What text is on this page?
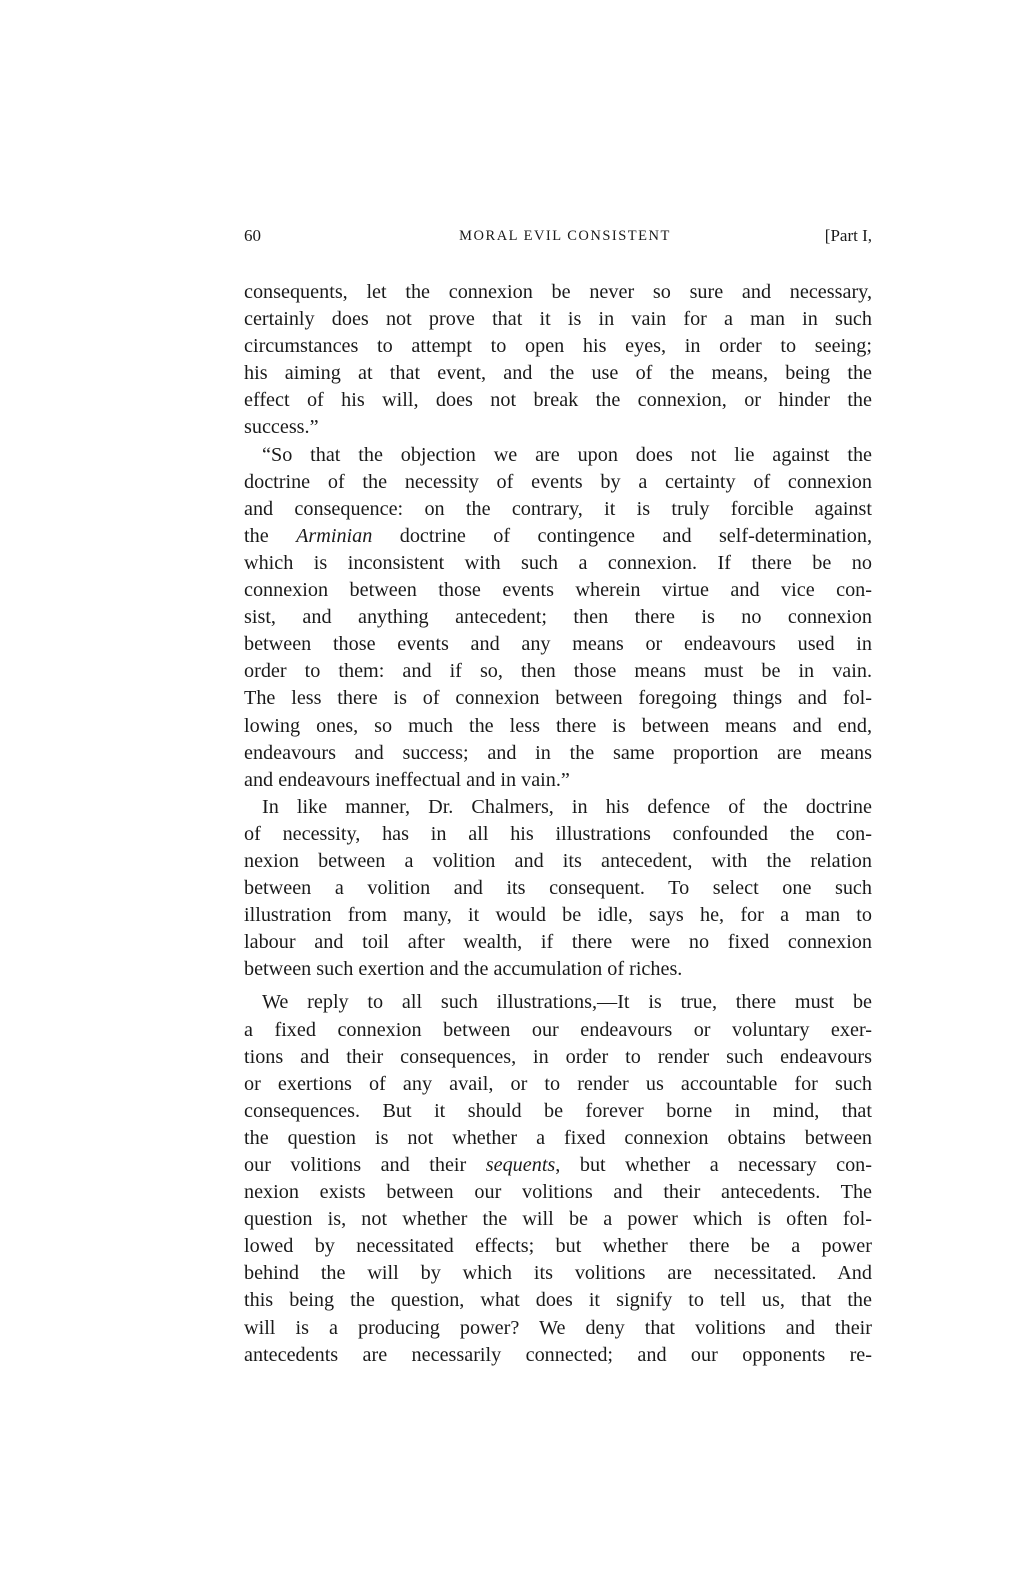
60	MORAL EVIL CONSISTENT	[Part I,
consequents, let the connexion be never so sure and necessary,
certainly does not prove that it is in vain for a man in such
circumstances to attempt to open his eyes, in order to seeing;
his aiming at that event, and the use of the means, being the
effect of his will, does not break the connexion, or hinder the
success.”
“So that the objection we are upon does not lie against the
doctrine of the necessity of events by a certainty of connexion
and consequence: on the contrary, it is truly forcible against
the Arminian doctrine of contingence and self-determination,
which is inconsistent with such a connexion. If there be no
connexion between those events wherein virtue and vice con-
sist, and anything antecedent; then there is no connexion
between those events and any means or endeavours used in
order to them: and if so, then those means must be in vain.
The less there is of connexion between foregoing things and fol-
lowing ones, so much the less there is between means and end,
endeavours and success; and in the same proportion are means
and endeavours ineffectual and in vain.”
In like manner, Dr. Chalmers, in his defence of the doctrine
of necessity, has in all his illustrations confounded the con-
nexion between a volition and its antecedent, with the relation
between a volition and its consequent. To select one such
illustration from many, it would be idle, says he, for a man to
labour and toil after wealth, if there were no fixed connexion
between such exertion and the accumulation of riches.
We reply to all such illustrations,—It is true, there must be
a fixed connexion between our endeavours or voluntary exer-
tions and their consequences, in order to render such endeavours
or exertions of any avail, or to render us accountable for such
consequences. But it should be forever borne in mind, that
the question is not whether a fixed connexion obtains between
our volitions and their sequents, but whether a necessary con-
nexion exists between our volitions and their antecedents. The
question is, not whether the will be a power which is often fol-
lowed by necessitated effects; but whether there be a power
behind the will by which its volitions are necessitated. And
this being the question, what does it signify to tell us, that the
will is a producing power? We deny that volitions and their
antecedents are necessarily connected; and our opponents re-
